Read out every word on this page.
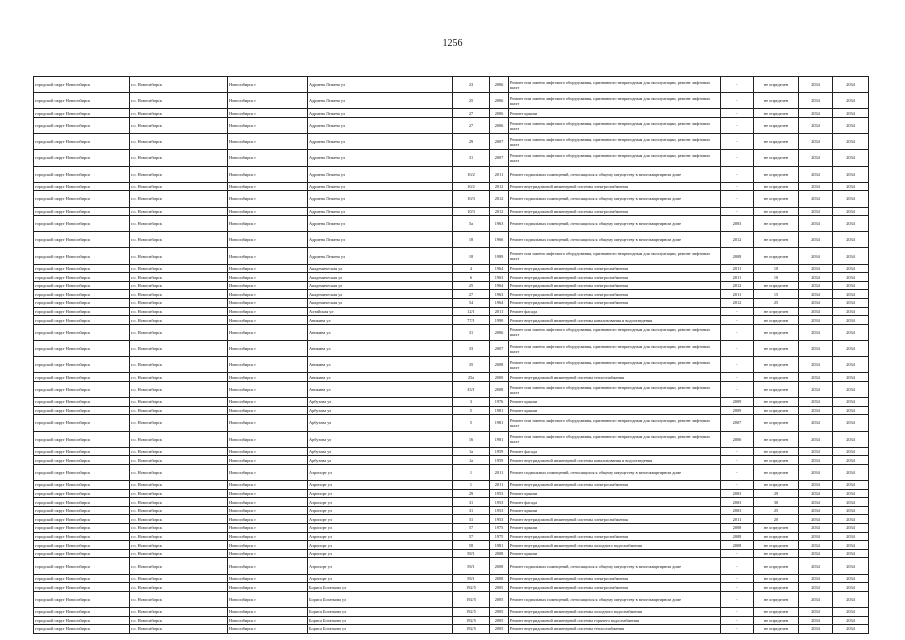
1256
городской округ Новосибирск	г.о. Новосибирск	Новосибирск г	Адриена Лежена ул	23	2006	Ремонт или замена лифтового оборудования, признанного непригодным для эксплуатации, ремонт лифтовых шахт	-	не определен	2034	2034
городской округ Новосибирск	г.о. Новосибирск	Новосибирск г	Адриена Лежена ул	25	2006	Ремонт или замена лифтового оборудования, признанного непригодным для эксплуатации, ремонт лифтовых шахт	-	не определен	2034	2034
городской округ Новосибирск	г.о. Новосибирск	Новосибирск г	Адриена Лежена ул	27	2006	Ремонт крыши	-	не определен	2034	2034
городской округ Новосибирск	г.о. Новосибирск	Новосибирск г	Адриена Лежена ул	27	2006	Ремонт или замена лифтового оборудования, признанного непригодным для эксплуатации, ремонт лифтовых шахт	-	не определен	2034	2034
городской округ Новосибирск	г.о. Новосибирск	Новосибирск г	Адриена Лежена ул	29	2007	Ремонт или замена лифтового оборудования, признанного непригодным для эксплуатации, ремонт лифтовых шахт	-	не определен	2034	2034
городской округ Новосибирск	г.о. Новосибирск	Новосибирск г	Адриена Лежена ул	31	2007	Ремонт или замена лифтового оборудования, признанного непригодным для эксплуатации, ремонт лифтовых шахт	-	не определен	2034	2034
городской округ Новосибирск	г.о. Новосибирск	Новосибирск г	Адриена Лежена ул	10/2	2011	Ремонт подвальных помещений, относящихся к общему имуществу в многоквартирном доме	-	не определен	2034	2034
городской округ Новосибирск	г.о. Новосибирск	Новосибирск г	Адриена Лежена ул	10/2	2012	Ремонт внутридомовой инженерной системы электроснабжения	-	не определен	2034	2034
городской округ Новосибирск	г.о. Новосибирск	Новосибирск г	Адриена Лежена ул	10/3	2012	Ремонт подвальных помещений, относящихся к общему имуществу в многоквартирном доме	-	не определен	2034	2034
городской округ Новосибирск	г.о. Новосибирск	Новосибирск г	Адриена Лежена ул	10/3	2012	Ремонт внутридомовой инженерной системы электроснабжения	-	не определен	2034	2034
городской округ Новосибирск	г.о. Новосибирск	Новосибирск г	Адриена Лежена ул	5а	1963	Ремонт подвальных помещений, относящихся к общему имуществу в многоквартирном доме	2003	не определен	2034	2034
городской округ Новосибирск	г.о. Новосибирск	Новосибирск г	Адриена Лежена ул	18	1966	Ремонт подвальных помещений, относящихся к общему имуществу в многоквартирном доме	2012	не определен	2034	2034
городской округ Новосибирск	г.о. Новосибирск	Новосибирск г	Адриена Лежена ул	18	1989	Ремонт или замена лифтового оборудования, признанного непригодным для эксплуатации, ремонт лифтовых шахт	2008	не определен	2034	2034
городской округ Новосибирск	г.о. Новосибирск	Новосибирск г	Академическая ул	4	1964	Ремонт внутридомовой инженерной системы электроснабжения	2011	10	2034	2034
городской округ Новосибирск	г.о. Новосибирск	Новосибирск г	Академическая ул	6	1963	Ремонт внутридомовой инженерной системы электроснабжения	2011	10	2034	2034
городской округ Новосибирск	г.о. Новосибирск	Новосибирск г	Академическая ул	25	1964	Ремонт внутридомовой инженерной системы электроснабжения	2012	не определен	2034	2034
городской округ Новосибирск	г.о. Новосибирск	Новосибирск г	Академическая ул	27	1963	Ремонт внутридомовой инженерной системы электроснабжения	2011	15	2034	2034
городской округ Новосибирск	г.о. Новосибирск	Новосибирск г	Академическая ул	54	1964	Ремонт внутридомовой инженерной системы электроснабжения	2012	25	2034	2034
городской округ Новосибирск	г.о. Новосибирск	Новосибирск г	Алтайская ул	12/1	2011	Ремонт фасада	-	не определен	2034	2034
городской округ Новосибирск	г.о. Новосибирск	Новосибирск г	Аникина ул	77/1	1990	Ремонт внутридомовой инженерной системы канализования и водоотведения	-	не определен	2034	2034
городской округ Новосибирск	г.о. Новосибирск	Новосибирск г	Аникина ул	31	2006	Ремонт или замена лифтового оборудования, признанного непригодным для эксплуатации, ремонт лифтовых шахт	-	не определен	2034	2034
городской округ Новосибирск	г.о. Новосибирск	Новосибирск г	Аникина ул	33	2007	Ремонт или замена лифтового оборудования, признанного непригодным для эксплуатации, ремонт лифтовых шахт	-	не определен	2034	2034
городской округ Новосибирск	г.о. Новосибирск	Новосибирск г	Аникина ул	35	2008	Ремонт или замена лифтового оборудования, признанного непригодным для эксплуатации, ремонт лифтовых шахт	-	не определен	2034	2034
городской округ Новосибирск	г.о. Новосибирск	Новосибирск г	Аникина ул	25а	2000	Ремонт внутридомовой инженерной системы теплоснабжения	-	не определен	2034	2034
городской округ Новосибирск	г.о. Новосибирск	Новосибирск г	Аникина ул	35/1	2008	Ремонт или замена лифтового оборудования, признанного непригодным для эксплуатации, ремонт лифтовых шахт	-	не определен	2034	2034
городской округ Новосибирск	г.о. Новосибирск	Новосибирск г	Арбузова ул	3	1976	Ремонт крыши	2009	не определен	2034	2034
городской округ Новосибирск	г.о. Новосибирск	Новосибирск г	Арбузова ул	5	1981	Ремонт крыши	2009	не определен	2034	2034
городской округ Новосибирск	г.о. Новосибирск	Новосибирск г	Арбузова ул	5	1981	Ремонт или замена лифтового оборудования, признанного непригодным для эксплуатации, ремонт лифтовых шахт	2007	не определен	2034	2034
городской округ Новосибирск	г.о. Новосибирск	Новосибирск г	Арбузова ул	16	1981	Ремонт или замена лифтового оборудования, признанного непригодным для эксплуатации, ремонт лифтовых шахт	2006	не определен	2034	2034
городской округ Новосибирск	г.о. Новосибирск	Новосибирск г	Арбузова ул	1а	1959	Ремонт фасада	-	не определен	2034	2034
городской округ Новосибирск	г.о. Новосибирск	Новосибирск г	Арбузова ул	1а	1959	Ремонт внутридомовой инженерной системы канализования и водоотведения	-	не определен	2034	2034
городской округ Новосибирск	г.о. Новосибирск	Новосибирск г	Аэропорт ул	1	2011	Ремонт подвальных помещений, относящихся к общему имуществу в многоквартирном доме	-	не определен	2034	2034
городской округ Новосибирск	г.о. Новосибирск	Новосибирск г	Аэропорт ул	1	2011	Ремонт внутридомовой инженерной системы электроснабжения	-	не определен	2034	2034
городской округ Новосибирск	г.о. Новосибирск	Новосибирск г	Аэропорт ул	29	1953	Ремонт крыши	2003	29	2034	2034
городской округ Новосибирск	г.о. Новосибирск	Новосибирск г	Аэропорт ул	31	1953	Ремонт фасада	2003	30	2034	2034
городской округ Новосибирск	г.о. Новосибирск	Новосибирск г	Аэропорт ул	31	1953	Ремонт крыши	2003	25	2034	2034
городской округ Новосибирск	г.о. Новосибирск	Новосибирск г	Аэропорт ул	31	1953	Ремонт внутридомовой инженерной системы электроснабжения	2011	20	2034	2034
городской округ Новосибирск	г.о. Новосибирск	Новосибирск г	Аэропорт ул	57	1975	Ремонт крыши	2008	не определен	2034	2034
городской округ Новосибирск	г.о. Новосибирск	Новосибирск г	Аэропорт ул	57	1975	Ремонт внутридомовой инженерной системы электроснабжения	2008	не определен	2034	2034
городской округ Новосибирск	г.о. Новосибирск	Новосибирск г	Аэропорт ул	58	1981	Ремонт внутридомовой инженерной системы холодного водоснабжения	2008	не определен	2034	2034
городской округ Новосибирск	г.о. Новосибирск	Новосибирск г	Аэропорт ул	58/1	2008	Ремонт крыши	-	не определен	2034	2034
городской округ Новосибирск	г.о. Новосибирск	Новосибирск г	Аэропорт ул	58/1	2008	Ремонт подвальных помещений, относящихся к общему имуществу в многоквартирном доме	-	не определен	2034	2034
городской округ Новосибирск	г.о. Новосибирск	Новосибирск г	Аэропорт ул	58/1	2008	Ремонт внутридомовой инженерной системы электроснабжения	-	не определен	2034	2034
городской округ Новосибирск	г.о. Новосибирск	Новосибирск г	Бориса Богаткова ул	192/5	2005	Ремонт внутридомовой инженерной системы электроснабжения	-	не определен	2034	2034
городской округ Новосибирск	г.о. Новосибирск	Новосибирск г	Бориса Богаткова ул	192/5	2005	Ремонт подвальных помещений, относящихся к общему имуществу в многоквартирном доме	-	не определен	2034	2034
городской округ Новосибирск	г.о. Новосибирск	Новосибирск г	Бориса Богаткова ул	192/5	2005	Ремонт внутридомовой инженерной системы холодного водоснабжения	-	не определен	2034	2034
городской округ Новосибирск	г.о. Новосибирск	Новосибирск г	Бориса Богаткова ул	192/5	2005	Ремонт внутридомовой инженерной системы горячего водоснабжения	-	не определен	2034	2034
городской округ Новосибирск	г.о. Новосибирск	Новосибирск г	Бориса Богаткова ул	192/5	2005	Ремонт внутридомовой инженерной системы теплоснабжения	-	не определен	2034	2034
